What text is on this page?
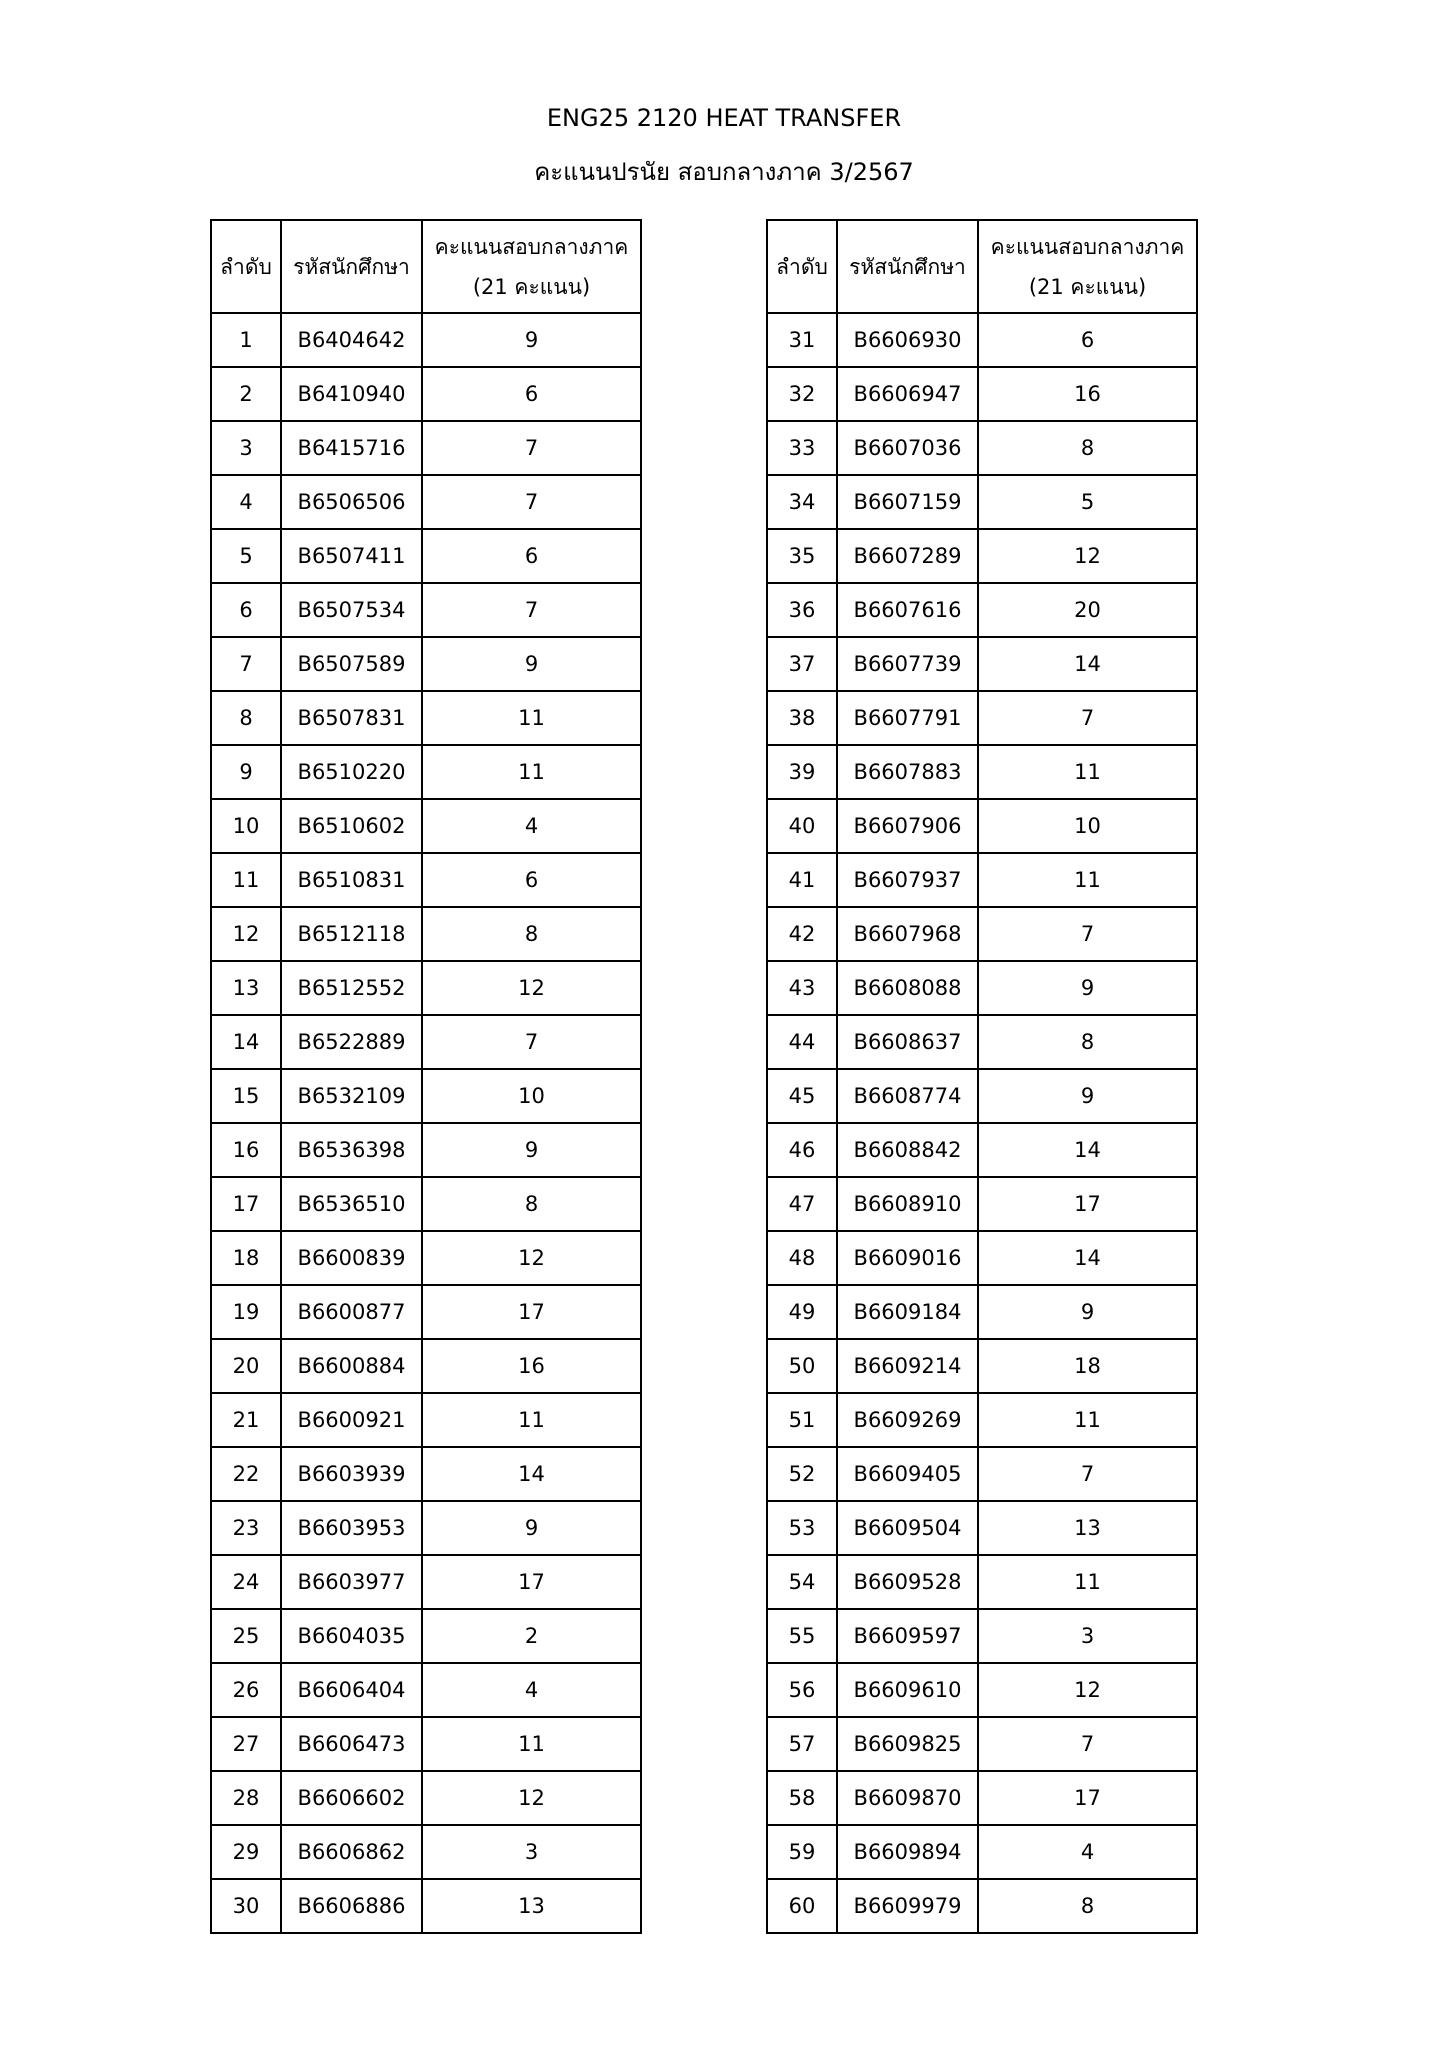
ENG25 2120 HEAT TRANSFER
คะแนนปรนัย สอบกลางภาค 3/2567
ลำดับ	รหัสนักศึกษา	คะแนนสอบกลางภาค
(21 คะแนน)

1	B6404642	9
2	B6410940	6
3	B6415716	7
4	B6506506	7
5	B6507411	6
6	B6507534	7
7	B6507589	9
8	B6507831	11
9	B6510220	11
10	B6510602	4
11	B6510831	6
12	B6512118	8
13	B6512552	12
14	B6522889	7
15	B6532109	10
16	B6536398	9
17	B6536510	8
18	B6600839	12
19	B6600877	17
20	B6600884	16
21	B6600921	11
22	B6603939	14
23	B6603953	9
24	B6603977	17
25	B6604035	2
26	B6606404	4
27	B6606473	11
28	B6606602	12
29	B6606862	3
30	B6606886	13
ลำดับ	รหัสนักศึกษา	คะแนนสอบกลางภาค
(21 คะแนน)

31	B6606930	6
32	B6606947	16
33	B6607036	8
34	B6607159	5
35	B6607289	12
36	B6607616	20
37	B6607739	14
38	B6607791	7
39	B6607883	11
40	B6607906	10
41	B6607937	11
42	B6607968	7
43	B6608088	9
44	B6608637	8
45	B6608774	9
46	B6608842	14
47	B6608910	17
48	B6609016	14
49	B6609184	9
50	B6609214	18
51	B6609269	11
52	B6609405	7
53	B6609504	13
54	B6609528	11
55	B6609597	3
56	B6609610	12
57	B6609825	7
58	B6609870	17
59	B6609894	4
60	B6609979	8
